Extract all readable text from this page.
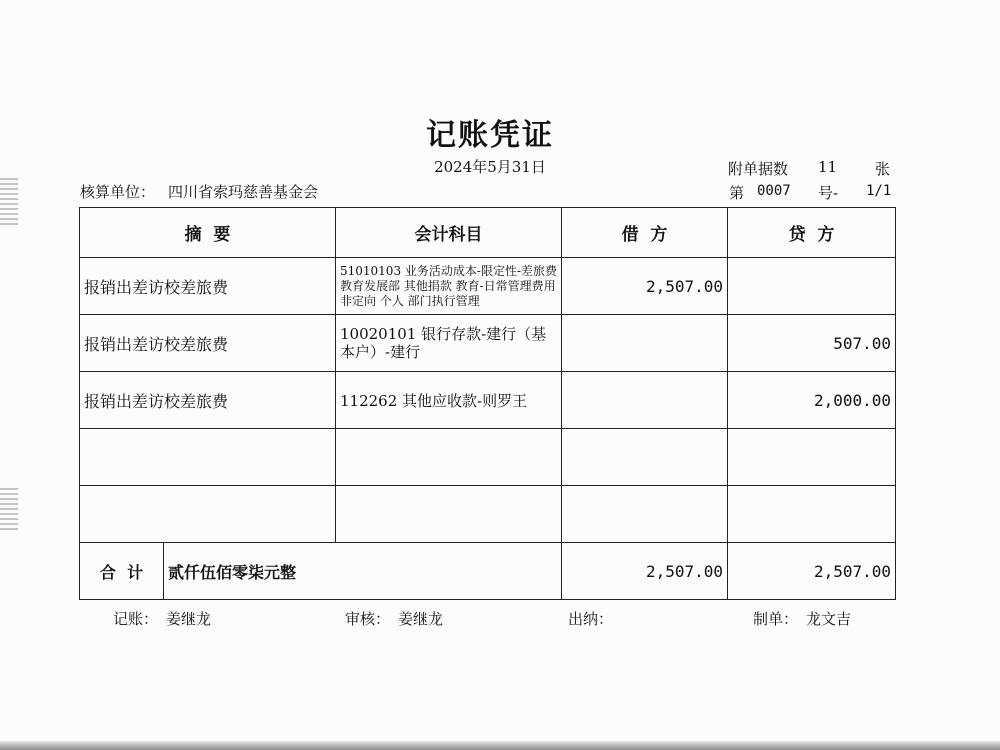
记账凭证
2024年5月31日	附单据数 11	张
核算单位： 四川省索玛慈善基金会	第 0007 号- 1/1
摘  要		会计科目	借  方	贷  方
报销出差访校差旅费		51010103 业务活动成本-限定性-差旅费 教育发展部 其他捐款 教育-日常管理费用 非定向 个人 部门执行管理	2,507.00	
报销出差访校差旅费		10020101 银行存款-建行（基本户）-建行		507.00
报销出差访校差旅费		112262 其他应收款-则罗王		2,000.00

合  计	贰仟伍佰零柒元整		2,507.00	2,507.00
记账： 姜继龙	审核： 姜继龙	出纳：	制单： 龙文吉
